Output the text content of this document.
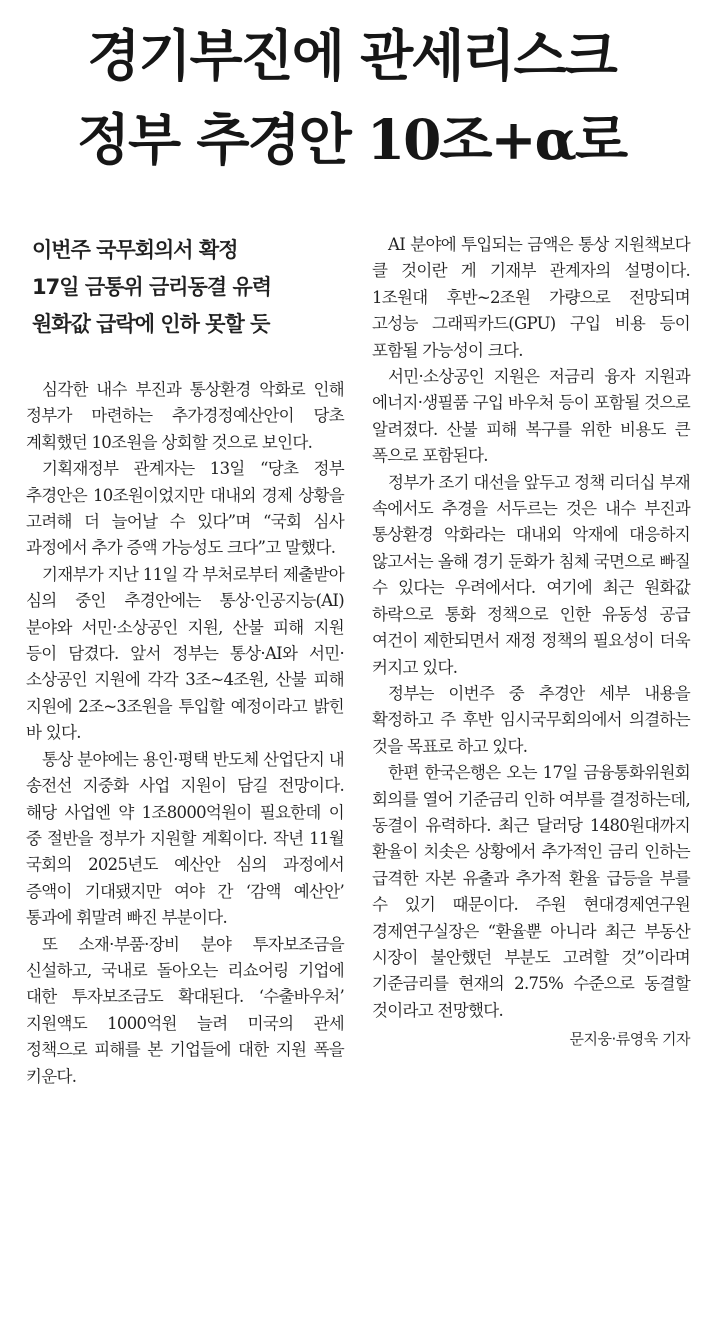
경기부진에 관세리스크
정부 추경안 10조+α로
이번주 국무회의서 확정
17일 금통위 금리동결 유력
원화값 급락에 인하 못할 듯

심각한 내수 부진과 통상환경 악화로 인해 정부가 마련하는 추가경정예산안이 당초 계획했던 10조원을 상회할 것으로 보인다.

기획재정부 관계자는 13일 “당초 정부 추경안은 10조원이었지만 대내외 경제 상황을 고려해 더 늘어날 수 있다”며 “국회 심사 과정에서 추가 증액 가능성도 크다”고 말했다.

기재부가 지난 11일 각 부처로부터 제출받아 심의 중인 추경안에는 통상·인공지능(AI) 분야와 서민·소상공인 지원, 산불 피해 지원 등이 담겼다. 앞서 정부는 통상·AI와 서민·소상공인 지원에 각각 3조~4조원, 산불 피해 지원에 2조~3조원을 투입할 예정이라고 밝힌 바 있다.

통상 분야에는 용인·평택 반도체 산업단지 내 송전선 지중화 사업 지원이 담길 전망이다. 해당 사업엔 약 1조8000억원이 필요한데 이 중 절반을 정부가 지원할 계획이다. 작년 11월 국회의 2025년도 예산안 심의 과정에서 증액이 기대됐지만 여야 간 ‘감액 예산안’ 통과에 휘말려 빠진 부분이다.

또 소재·부품·장비 분야 투자보조금을 신설하고, 국내로 돌아오는 리쇼어링 기업에 대한 투자보조금도 확대된다. ‘수출바우처’ 지원액도 1000억원 늘려 미국의 관세 정책으로 피해를 본 기업들에 대한 지원 폭을 키운다.

AI 분야에 투입되는 금액은 통상 지원책보다 클 것이란 게 기재부 관계자의 설명이다. 1조원대 후반~2조원 가량으로 전망되며 고성능 그래픽카드(GPU) 구입 비용 등이 포함될 가능성이 크다.

서민·소상공인 지원은 저금리 융자 지원과 에너지·생필품 구입 바우처 등이 포함될 것으로 알려졌다. 산불 피해 복구를 위한 비용도 큰 폭으로 포함된다.

정부가 조기 대선을 앞두고 정책 리더십 부재 속에서도 추경을 서두르는 것은 내수 부진과 통상환경 악화라는 대내외 악재에 대응하지 않고서는 올해 경기 둔화가 침체 국면으로 빠질 수 있다는 우려에서다. 여기에 최근 원화값 하락으로 통화 정책으로 인한 유동성 공급 여건이 제한되면서 재정 정책의 필요성이 더욱 커지고 있다.

정부는 이번주 중 추경안 세부 내용을 확정하고 주 후반 임시국무회의에서 의결하는 것을 목표로 하고 있다.

한편 한국은행은 오는 17일 금융통화위원회 회의를 열어 기준금리 인하 여부를 결정하는데, 동결이 유력하다. 최근 달러당 1480원대까지 환율이 치솟은 상황에서 추가적인 금리 인하는 급격한 자본 유출과 추가적 환율 급등을 부를 수 있기 때문이다. 주원 현대경제연구원 경제연구실장은 “환율뿐 아니라 최근 부동산 시장이 불안했던 부분도 고려할 것”이라며 기준금리를 현재의 2.75% 수준으로 동결할 것이라고 전망했다.

문지웅·류영욱 기자
